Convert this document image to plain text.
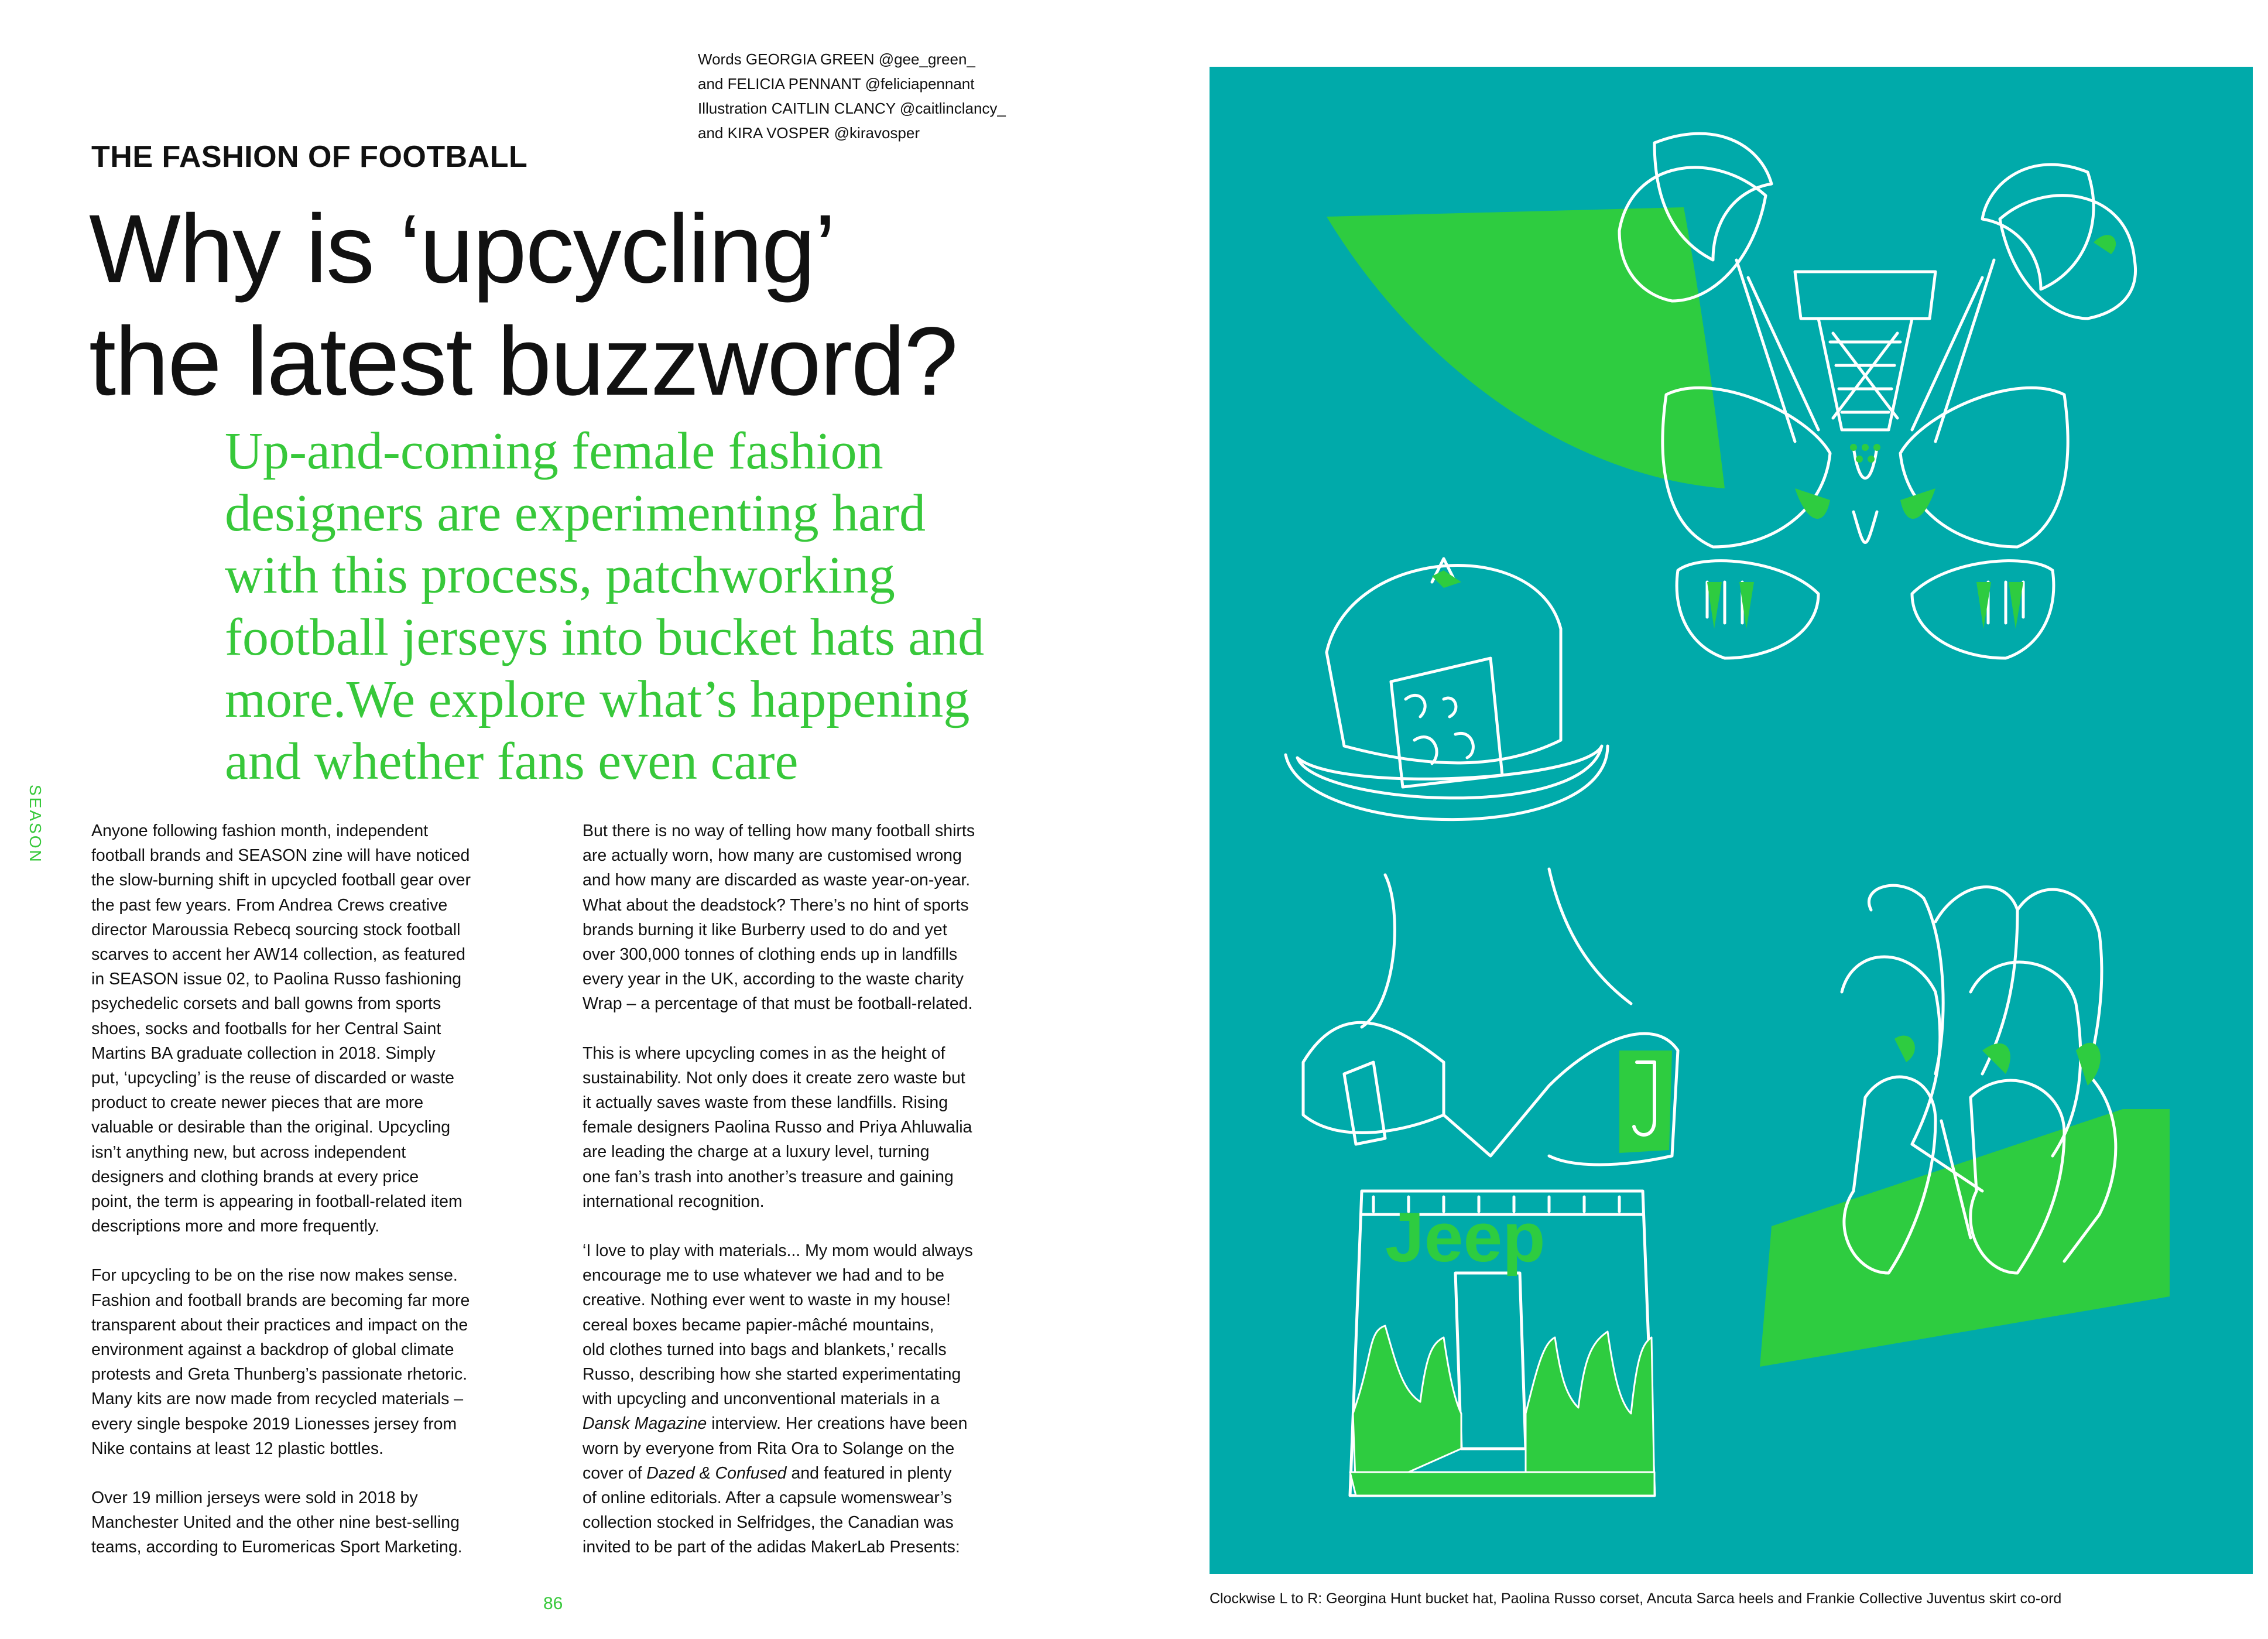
Words GEORGIA GREEN @gee_green_
and FELICIA PENNANT @feliciapennant
Illustration CAITLIN CLANCY @caitlinclancy_
and KIRA VOSPER @kiravosper
THE FASHION OF FOOTBALL
Why is ‘upcycling’
the latest buzzword?
Up-and-coming female fashion
designers are experimenting hard
with this process, patchworking
football jerseys into bucket hats and
more.We explore what’s happening
and whether fans even care
SEASON	Anyone following fashion month, independent
football brands and SEASON zine will have noticed
the slow-burning shift in upcycled football gear over
the past few years. From Andrea Crews creative
director Maroussia Rebecq sourcing stock football
scarves to accent her AW14 collection, as featured
in SEASON issue 02, to Paolina Russo fashioning
psychedelic corsets and ball gowns from sports
shoes, socks and footballs for her Central Saint
Martins BA graduate collection in 2018. Simply
put, ‘upcycling’ is the reuse of discarded or waste
product to create newer pieces that are more
valuable or desirable than the original. Upcycling
isn’t anything new, but across independent
designers and clothing brands at every price
point, the term is appearing in football-related item
descriptions more and more frequently.

For upcycling to be on the rise now makes sense.
Fashion and football brands are becoming far more
transparent about their practices and impact on the
environment against a backdrop of global climate
protests and Greta Thunberg’s passionate rhetoric.
Many kits are now made from recycled materials –
every single bespoke 2019 Lionesses jersey from
Nike contains at least 12 plastic bottles.

Over 19 million jerseys were sold in 2018 by
Manchester United and the other nine best-selling
teams, according to Euromericas Sport Marketing.

But there is no way of telling how many football shirts
are actually worn, how many are customised wrong
and how many are discarded as waste year-on-year.
What about the deadstock? There’s no hint of sports
brands burning it like Burberry used to do and yet
over 300,000 tonnes of clothing ends up in landfills
every year in the UK, according to the waste charity
Wrap – a percentage of that must be football-related.

This is where upcycling comes in as the height of
sustainability. Not only does it create zero waste but
it actually saves waste from these landfills. Rising
female designers Paolina Russo and Priya Ahluwalia
are leading the charge at a luxury level, turning
one fan’s trash into another’s treasure and gaining
international recognition.

‘I love to play with materials... My mom would always
encourage me to use whatever we had and to be
creative. Nothing ever went to waste in my house!
cereal boxes became papier-mâché mountains,
old clothes turned into bags and blankets,’ recalls
Russo, describing how she started experimentating
with upcycling and unconventional materials in a
Dansk Magazine interview. Her creations have been
worn by everyone from Rita Ora to Solange on the
cover of Dazed & Confused and featured in plenty
of online editorials. After a capsule womenswear’s
collection stocked in Selfridges, the Canadian was
invited to be part of the adidas MakerLab Presents:

86
Jeep
Clockwise L to R: Georgina Hunt bucket hat, Paolina Russo corset, Ancuta Sarca heels and Frankie Collective Juventus skirt co-ord
